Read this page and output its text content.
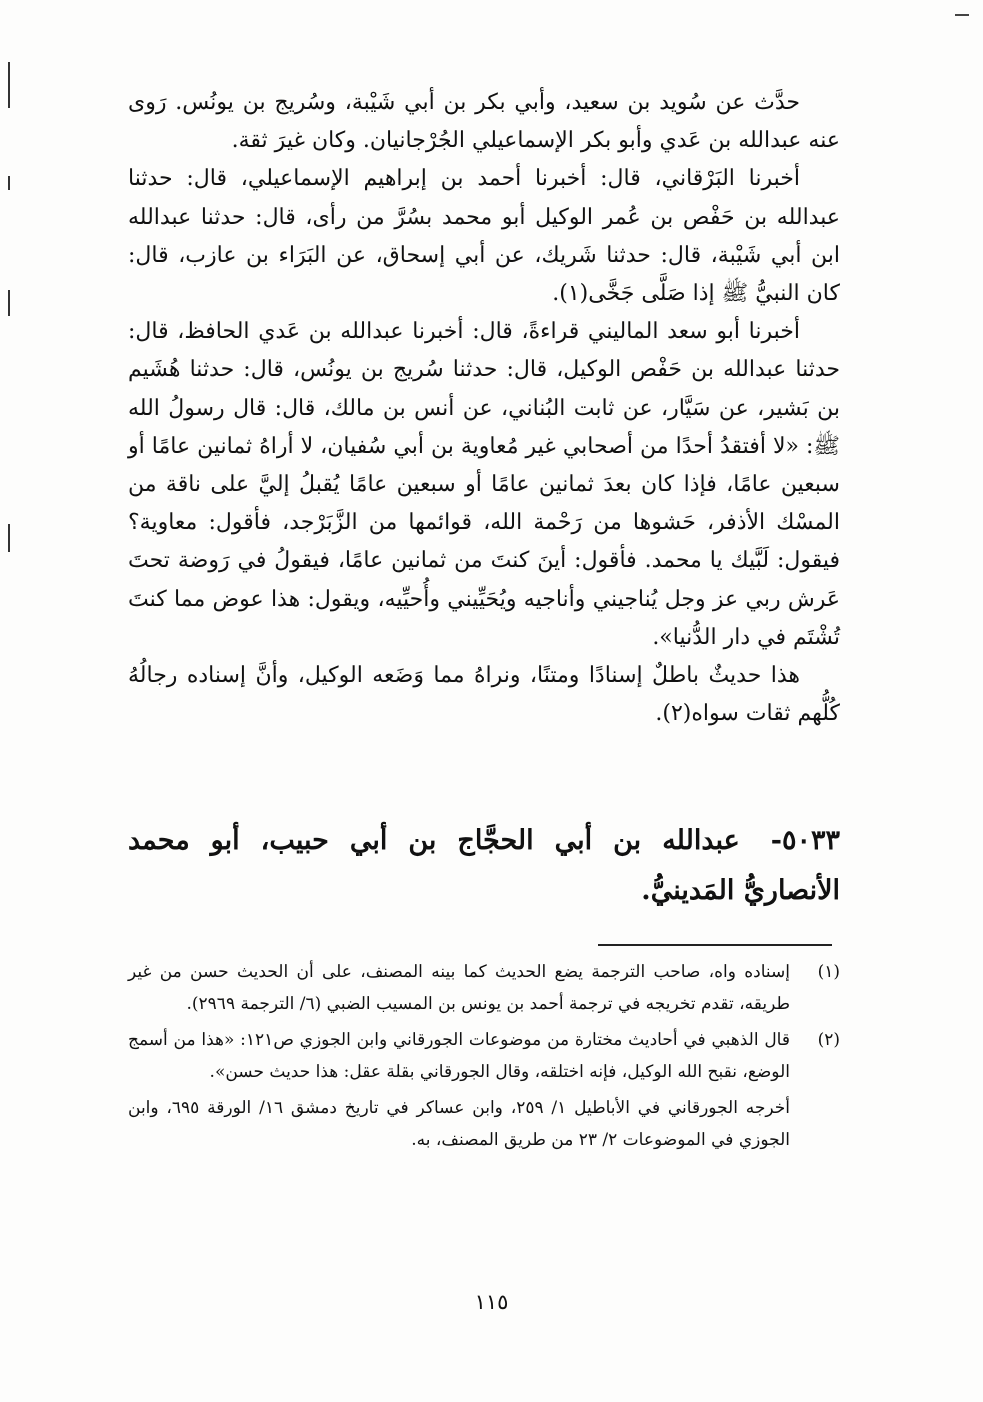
حدَّث عن سُويد بن سعيد، وأبي بكر بن أبي شَيْبة، وسُريج بن يونُس. رَوى عنه عبدالله بن عَدي وأبو بكر الإسماعيلي الجُرْجانيان. وكان غيرَ ثقة.

أخبرنا البَرْقاني، قال: أخبرنا أحمد بن إبراهيم الإسماعيلي، قال: حدثنا عبدالله بن حَفْص بن عُمر الوكيل أبو محمد بسُرَّ من رأى، قال: حدثنا عبدالله ابن أبي شَيْبة، قال: حدثنا شَريك، عن أبي إسحاق، عن البَرَاء بن عازب، قال: كان النبيُّ ﷺ إذا صَلَّى جَخَّى(١).

أخبرنا أبو سعد الماليني قراءةً، قال: أخبرنا عبدالله بن عَدي الحافظ، قال: حدثنا عبدالله بن حَفْص الوكيل، قال: حدثنا سُريج بن يونُس، قال: حدثنا هُشَيم بن بَشير، عن سَيَّار، عن ثابت البُناني، عن أنس بن مالك، قال: قال رسولُ الله ﷺ: «لا أفتقدُ أحدًا من أصحابي غير مُعاوية بن أبي سُفيان، لا أراهُ ثمانين عامًا أو سبعين عامًا، فإذا كان بعدَ ثمانين عامًا أو سبعين عامًا يُقبلُ إليَّ على ناقة من المسْك الأذفر، حَشوها من رَحْمة الله، قوائمها من الزَّبَرْجد، فأقول: معاوية؟ فيقول: لَبَّيك يا محمد. فأقول: أينَ كنتَ من ثمانين عامًا، فيقولُ في رَوضة تحتَ عَرش ربي عز وجل يُناجيني وأناجيه ويُحَيِّيني وأُحيِّيه، ويقول: هذا عوض مما كنتَ تُشْتَم في دار الدُّنيا».

هذا حديثٌ باطلٌ إسنادًا ومتنًا، ونراهُ مما وَضَعه الوكيل، وأنَّ إسناده رجالُهُ كُلُّهم ثقات سواه(٢).

٥٠٣٣- عبدالله بن أبي الحجَّاج بن أبي حبيب، أبو محمد الأنصاريُّ المَدينيُّ.
(١)
إسناده واه، صاحب الترجمة يضع الحديث كما بينه المصنف، على أن الحديث حسن من غير طريقه، تقدم تخريجه في ترجمة أحمد بن يونس بن المسيب الضبي (٦/ الترجمة ٢٩٦٩).
(٢)
قال الذهبي في أحاديث مختارة من موضوعات الجورقاني وابن الجوزي ص١٢١: «هذا من أسمج الوضع، نقبح الله الوكيل، فإنه اختلقه، وقال الجورقاني بقلة عقل: هذا حديث حسن».
أخرجه الجورقاني في الأباطيل ١/ ٢٥٩، وابن عساكر في تاريخ دمشق ١٦/ الورقة ٦٩٥، وابن الجوزي في الموضوعات ٢/ ٢٣ من طريق المصنف، به.
١١٥
